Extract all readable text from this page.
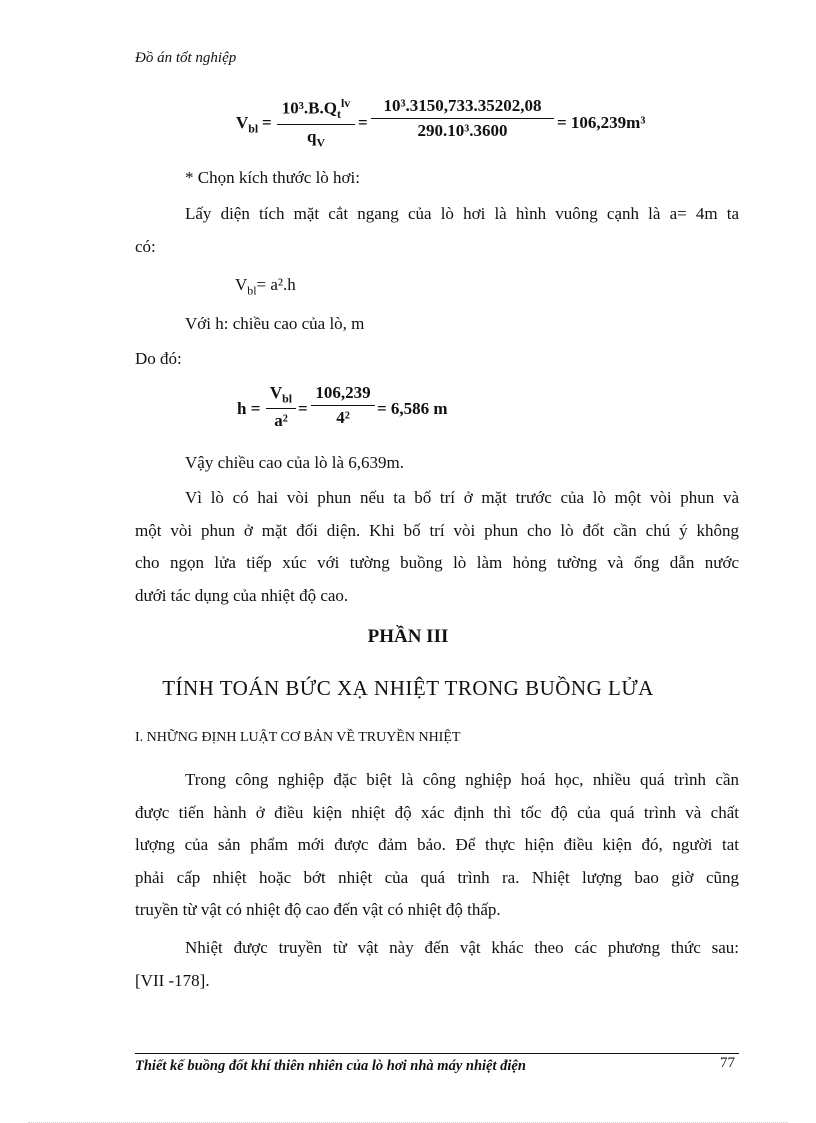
Đồ án tốt nghiệp
$V_{bl}$ =
$10^3.B.Q_t^{lv}$
$q_V$
= $\frac{\text{10³.3150,733.35202,08}}{\text{290.10³.3600}} = 106,239m^3$
* Chọn kích thước lò hơi:
Lấy diện tích mặt cắt ngang của lò hơi là hình vuông cạnh là a= 4m ta
có:
$V_{bl}= a^2.h$
Với h: chiều cao của lò, m
Do đó:
h =
$V_{bl}$
a²
= $\frac{106,239}{\text{4²}} = 6,586$ m
Vậy chiều cao của lò là 6,639m.
Vì lò có hai vòi phun nếu ta bố trí ở mặt trước của lò một vòi phun và
một vòi phun ở mặt đối diện. Khi bố trí vòi phun cho lò đốt cần chú ý không
cho ngọn lửa tiếp xúc với tường buồng lò làm hỏng tường và ống dẫn nước
dưới tác dụng của nhiệt độ cao.
PHẦN III
TÍNH TOÁN BỨC XẠ NHIỆT TRONG BUỒNG LỬA
I. NHỮNG ĐỊNH LUẬT CƠ BẢN VỀ TRUYỀN NHIỆT
Trong công nghiệp đặc biệt là công nghiệp hoá học, nhiều quá trình cần
được tiến hành ở điều kiện nhiệt độ xác định thì tốc độ của quá trình và chất
lượng của sản phẩm mới được đảm bảo. Để thực hiện điều kiện đó, người tat
phải cấp nhiệt hoặc bớt nhiệt của quá trình ra. Nhiệt lượng bao giờ cũng
truyền từ vật có nhiệt độ cao đến vật có nhiệt độ thấp.
Nhiệt được truyền từ vật này đến vật khác theo các phương thức sau:
[VII -178].
Thiết kế buồng đốt khí thiên nhiên của lò hơi nhà máy nhiệt điện	77
